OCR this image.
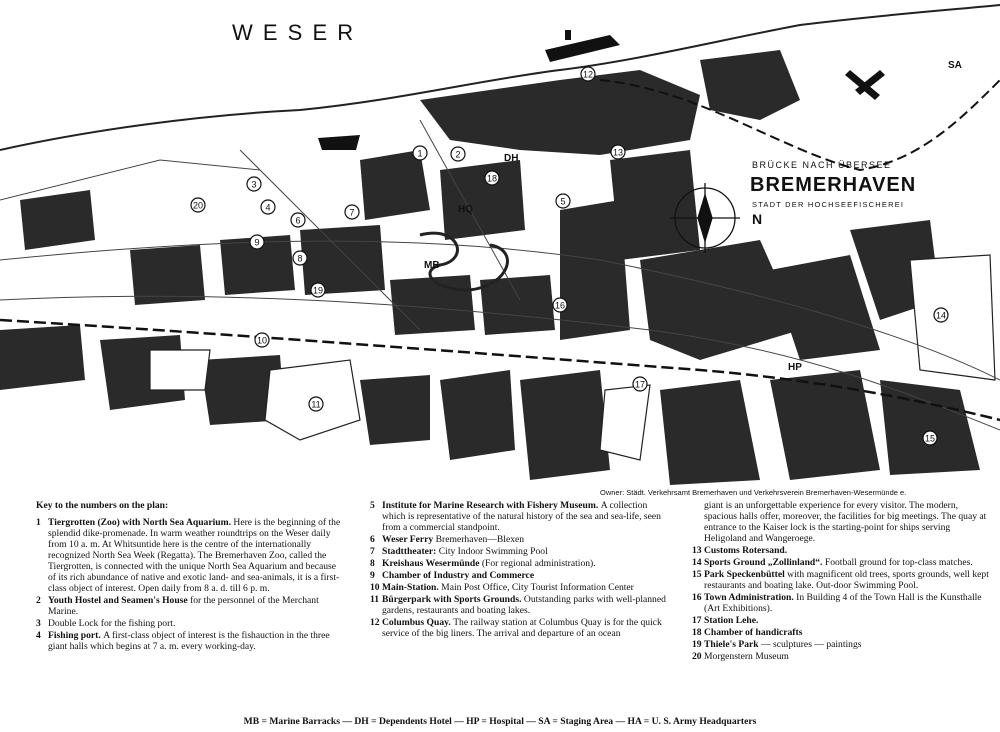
N
W E S E R
SA
BRÜCKE NACH ÜBERSEE
BREMERHAVEN
STADT DER HOCHSEEFISCHEREI
DH
HQ
MB
HP
1	2
3
4
5
6
7
8
9
10
11
12
13
14
15
16
17
18
19
20
Owner: Städt. Verkehrsamt Bremerhaven und Verkehrsverein Bremerhaven-Wesermünde e.
Key to the numbers on the plan:
1 Tiergrotten (Zoo) with North Sea Aquarium. Here is the beginning of the splendid dike-promenade. In warm weather roundtrips on the Weser daily from 10 a. m. At Whitsuntide here is the centre of the internationally recognized North Sea Week (Regatta). The Bremerhaven Zoo, called the Tiergrotten, is connected with the unique North Sea Aquarium and because of its rich abundance of native and exotic land- and sea-animals, it is a first-class object of interest. Open daily from 8 a. d. till 6 p. m.
2 Youth Hostel and Seamen's House for the personnel of the Merchant Marine.
3 Double Lock for the fishing port.
4 Fishing port. A first-class object of interest is the fishauction in the three giant halls which begins at 7 a. m. every working-day.
5 Institute for Marine Research with Fishery Museum. A collection which is representative of the natural history of the sea and sea-life, seen from a commercial standpoint.
6 Weser Ferry Bremerhaven—Blexen
7 Stadttheater: City Indoor Swimming Pool
8 Kreishaus Wesermünde (For regional administration).
9 Chamber of Industry and Commerce
10 Main-Station. Main Post Office, City Tourist Information Center
11 Bürgerpark with Sports Grounds. Outstanding parks with well-planned gardens, restaurants and boating lakes.
12 Columbus Quay. The railway station at Columbus Quay is for the quick service of the big liners. The arrival and departure of an ocean
giant is an unforgettable experience for every visitor. The modern, spacious halls offer, moreover, the facilities for big meetings. The quay at entrance to the Kaiser lock is the starting-point for ships serving Heligoland and Wangeroege.
13 Customs Rotersand.
14 Sports Ground „Zollinland“. Football ground for top-class matches.
15 Park Speckenbüttel with magnificent old trees, sports grounds, well kept restaurants and boating lake. Out-door Swimming Pool.
16 Town Administration. In Building 4 of the Town Hall is the Kunsthalle (Art Exhibitions).
17 Station Lehe.
18 Chamber of handicrafts
19 Thiele's Park — sculptures — paintings
20 Morgenstern Museum
MB = Marine Barracks — DH = Dependents Hotel — HP = Hospital — SA = Staging Area — HA = U. S. Army Headquarters
